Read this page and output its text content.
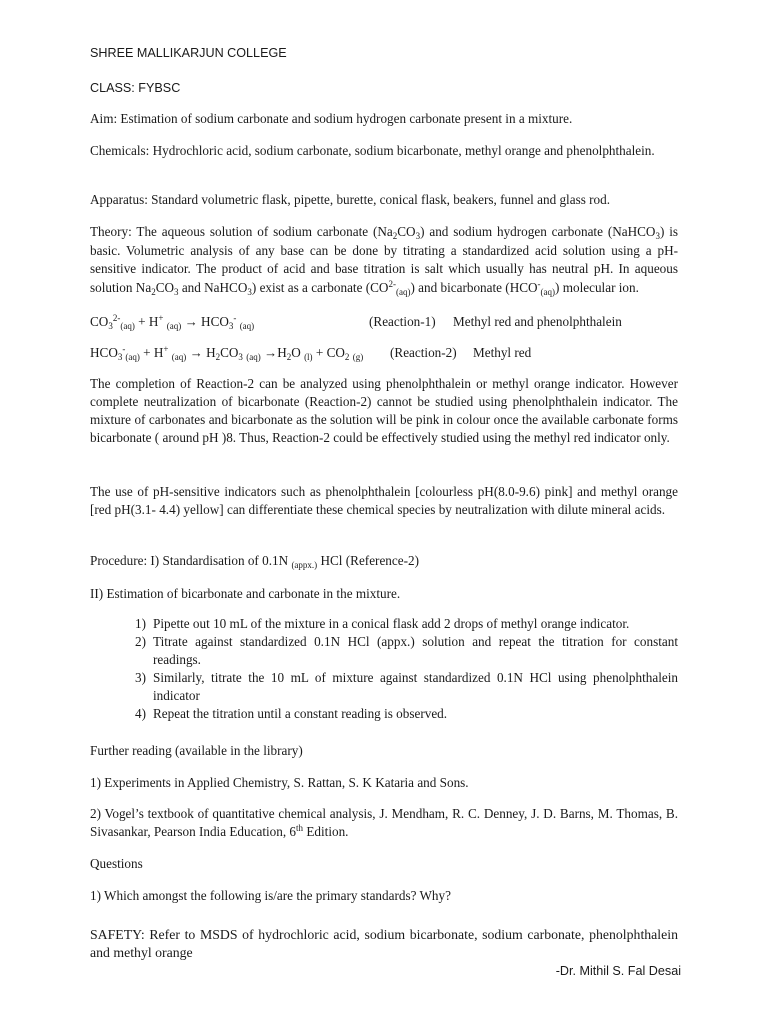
SHREE MALLIKARJUN COLLEGE
CLASS: FYBSC
Aim: Estimation of sodium carbonate and sodium hydrogen carbonate present in a mixture.
Chemicals: Hydrochloric acid, sodium carbonate, sodium bicarbonate, methyl orange and phenolphthalein.
Apparatus: Standard volumetric flask, pipette, burette, conical flask, beakers, funnel and glass rod.
Theory: The aqueous solution of sodium carbonate $(Na_2CO_3)$ and sodium hydrogen carbonate (NaHCO$_3$) is basic. Volumetric analysis of any base can be done by titrating a standardized acid solution using a pH-sensitive indicator. The product of acid and base titration is salt which usually has neutral pH. In aqueous solution $Na_2CO_3$ and NaHCO$_3$) exist as a carbonate $(CO^{2-}_{(aq)})$ and bicarbonate $(HCO^-_{(aq)})$ molecular ion.
$CO_3^{2-}_{(aq)} + H^+$ $_{(aq)} \to HCO_3^-$ $_{(aq)}$	(Reaction-1) Methyl red and phenolphthalein
$HCO_3^-_{(aq)} + H^+$ $_{(aq)} \to H_2CO_3$ $_{(aq)} \to H_2O$ $_{(l)} + CO_2$ $_{(g)}$ (Reaction-2) Methyl red
The completion of Reaction-2 can be analyzed using phenolphthalein or methyl orange indicator. However complete neutralization of bicarbonate (Reaction-2) cannot be studied using phenolphthalein indicator. The mixture of carbonates and bicarbonate as the solution will be pink in colour once the available carbonate forms bicarbonate ( around pH )8. Thus, Reaction-2 could be effectively studied using the methyl red indicator only.
The use of pH-sensitive indicators such as phenolphthalein [colourless pH(8.0-9.6) pink] and methyl orange [red pH(3.1- 4.4) yellow] can differentiate these chemical species by neutralization with dilute mineral acids.
Procedure: I) Standardisation of 0.1N $_{(appx.)}$ HCl (Reference-2)
II) Estimation of bicarbonate and carbonate in the mixture.
1) Pipette out 10 mL of the mixture in a conical flask add 2 drops of methyl orange indicator.
2) Titrate against standardized 0.1N HCl (appx.) solution and repeat the titration for constant readings.
3) Similarly, titrate the 10 mL of mixture against standardized 0.1N HCl using phenolphthalein indicator
4) Repeat the titration until a constant reading is observed.
Further reading (available in the library)
1) Experiments in Applied Chemistry, S. Rattan, S. K Kataria and Sons.
2) Vogel’s textbook of quantitative chemical analysis, J. Mendham, R. C. Denney, J. D. Barns, M. Thomas, B. Sivasankar, Pearson India Education, 6th Edition.
Questions
1) Which amongst the following is/are the primary standards? Why?
SAFETY: Refer to MSDS of hydrochloric acid, sodium bicarbonate, sodium carbonate, phenolphthalein and methyl orange
-Dr. Mithil S. Fal Desai
